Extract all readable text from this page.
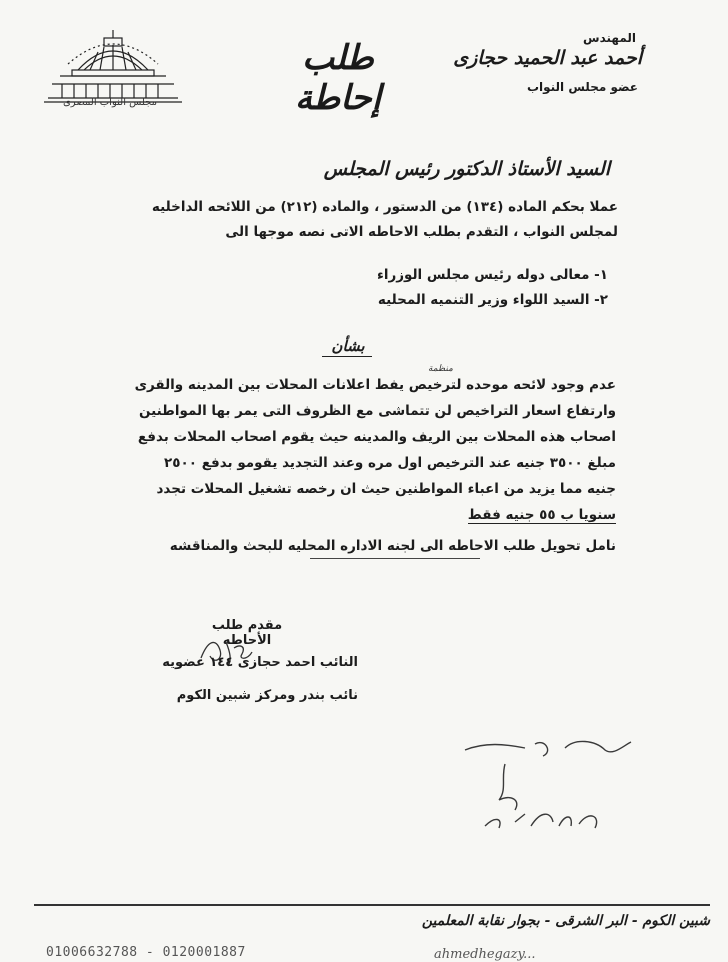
مجلس النواب المصرى
طلب إحاطة
المهندس
أحمد عبد الحميد حجازى
عضو مجلس النواب
السيد الأستاذ الدكتور رئيس المجلس
عملا بحكم الماده (١٣٤) من الدستور ، والماده (٢١٢) من اللائحه الداخليه
لمجلس النواب ، التقدم بطلب الاحاطه الاتى نصه موجها الى
١- معالى دوله رئيس مجلس الوزراء
٢- السيد اللواء وزير التنميه المحليه
بشأن
منظمة
عدم وجود لائحه موحده لترخيص يفط اعلانات المحلات بين المدينه والقرى
وارتفاع اسعار التراخيص لن تتماشى مع الظروف التى يمر بها المواطنين
اصحاب هذه المحلات بين الريف والمدينه حيث يقوم اصحاب المحلات بدفع
مبلغ ٣٥٠٠ جنيه عند الترخيص اول مره وعند التجديد يقومو بدفع ٢٥٠٠
جنيه مما يزيد من اعباء المواطنين حيث ان رخصه تشغيل المحلات تجدد
سنويا ب ٥٥ جنيه فقط
نامل تحويل طلب الاحاطه الى لجنه الاداره المحليه للبحث والمناقشه
مقدم طلب الأحاطه
النائب احمد حجازى ١٤٤ عضويه
نائب بندر ومركز شبين الكوم
شبين الكوم - البر الشرقى - بجوار نقابة المعلمين
01006632788 - 0120001887	ahmedhegazy...
